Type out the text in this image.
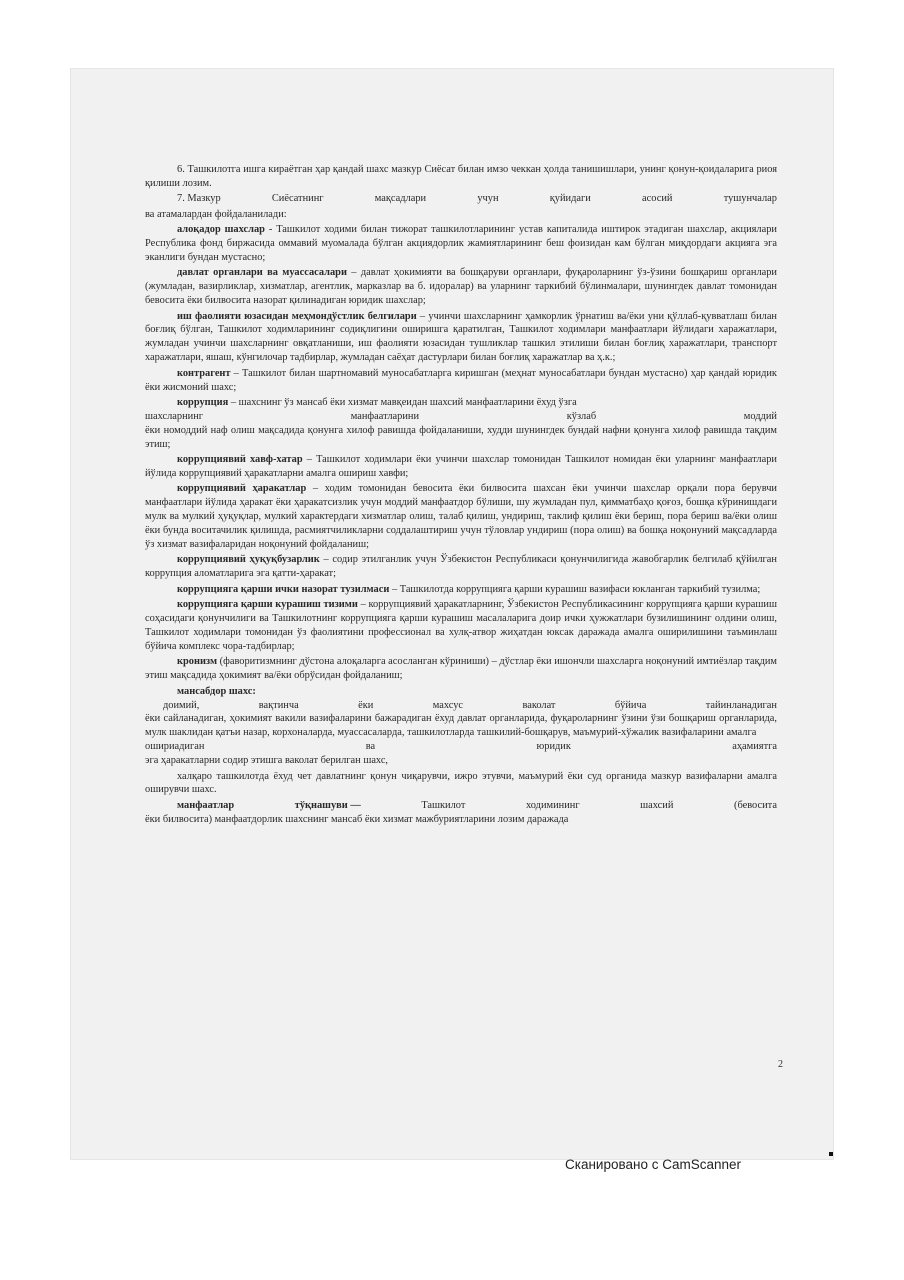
6. Ташкилотга ишга кираётган ҳар қандай шахс мазкур Сиёсат билан имзо чеккан ҳолда танишишлари, унинг қонун-қоидаларига риоя қилиши лозим.

7. Мазкур	Сиёсатнинг	мақсадлари	учун	қуйидаги	асосий	тушунчалар

ва атамалардан фойдаланилади:

алоқадор шахслар - Ташкилот ходими билан тижорат ташкилотларининг устав капиталида иштирок этадиган шахслар, акциялари Республика фонд биржасида оммавий муомалада бўлган акциядорлик жамиятларининг беш фоизидан кам бўлган миқдордаги акцияга эга эканлиги бундан мустасно;

давлат органлари ва муассасалари – давлат ҳокимияти ва бошқаруви органлари, фуқароларнинг ўз-ўзини бошқариш органлари (жумладан, вазирликлар, хизматлар, агентлик, марказлар ва б. идоралар) ва уларнинг таркибий бўлинмалари, шунингдек давлат томонидан бевосита ёки билвосита назорат қилинадиган юридик шахслар;

иш фаолияти юзасидан меҳмондўстлик белгилари – учинчи шахсларнинг ҳамкорлик ўрнатиш ва/ёки уни қўллаб-қувватлаш билан боғлиқ бўлган, Ташкилот ходимларининг содиқлигини оширишга қаратилган, Ташкилот ходимлари манфаатлари йўлидаги харажатлари, жумладан учинчи шахсларнинг овқатланиши, иш фаолияти юзасидан тушликлар ташкил этилиши билан боғлиқ харажатлари, транспорт харажатлари, яшаш, кўнгилочар тадбирлар, жумладан саёҳат дастурлари билан боғлиқ харажатлар ва ҳ.к.;

контрагент – Ташкилот билан шартномавий муносабатларга киришган (меҳнат муносабатлари бундан мустасно) ҳар қандай юридик ёки жисмоний шахс;

коррупция – шахснинг ўз мансаб ёки хизмат мавқеидан шахсий манфаатларини ёхуд ўзга

шахсларнинг	манфаатларини	кўзлаб	моддий

ёки номоддий наф олиш мақсадида қонунга хилоф равишда фойдаланиши, худди шунингдек бундай нафни қонунга хилоф равишда тақдим этиш;

коррупциявий хавф-хатар – Ташкилот ходимлари ёки учинчи шахслар томонидан Ташкилот номидан ёки уларнинг манфаатлари йўлида коррупциявий ҳаракатларни амалга ошириш хавфи;

коррупциявий ҳаракатлар – ходим томонидан бевосита ёки билвосита шахсан ёки учинчи шахслар орқали пора берувчи манфаатлари йўлида ҳаракат ёки ҳаракатсизлик учун моддий манфаатдор бўлиши, шу жумладан пул, қимматбаҳо қоғоз, бошқа кўринишдаги мулк ва мулкий ҳуқуқлар, мулкий характердаги хизматлар олиш, талаб қилиш, ундириш, таклиф қилиш ёки бериш, пора бериш ва/ёки олиш ёки бунда воситачилик қилишда, расмиятчиликларни соддалаштириш учун тўловлар ундириш (пора олиш) ва бошқа ноқонуний мақсадларда ўз хизмат вазифаларидан ноқонуний фойдаланиш;

коррупциявий ҳуқуқбузарлик – содир этилганлик учун Ўзбекистон Республикаси қонунчилигида жавобгарлик белгилаб қўйилган коррупция аломатларига эга қатти-ҳаракат;

коррупцияга қарши ички назорат тузилмаси – Ташкилотда коррупцияга қарши курашиш вазифаси юкланган таркибий тузилма;

коррупцияга қарши курашиш тизими – коррупциявий ҳаракатларнинг, Ўзбекистон Республикасининг коррупцияга қарши курашиш соҳасидаги қонунчилиги ва Ташкилотнинг коррупцияга қарши курашиш масалаларига доир ички ҳужжатлари бузилишининг олдини олиш, Ташкилот ходимлари томонидан ўз фаолиятини профессионал ва хулқ-атвор жиҳатдан юксак даражада амалга оширилишини таъминлаш бўйича комплекс чора-тадбирлар;

кронизм (фаворитизмнинг дўстона алоқаларга асосланган кўриниши) – дўстлар ёки ишончли шахсларга ноқонуний имтиёзлар тақдим этиш мақсадида ҳокимият ва/ёки обрўсидан фойдаланиш;

мансабдор шахс:

доимий,	вақтинча	ёки	махсус	ваколат	бўйича	тайинланадиган

ёки сайланадиган, ҳокимият вакили вазифаларини бажарадиган ёхуд давлат органларида, фуқароларнинг ўзини ўзи бошқариш органларида, мулк шаклидан қатъи назар, корхоналарда, муассасаларда, ташкилотларда ташкилий-бошқарув, маъмурий-хўжалик вазифаларини амалга

ошириадиган	ва	юридик	аҳамиятга

эга ҳаракатларни содир этишга ваколат берилган шахс,

халқаро ташкилотда ёхуд чет давлатнинг қонун чиқарувчи, ижро этувчи, маъмурий ёки суд органида мазкур вазифаларни амалга оширувчи шахс.

манфаатлар	тўқнашуви —	Ташкилот	ходимининг	шахсий	(бевосита

ёки билвосита) манфаатдорлик шахснинг мансаб ёки хизмат мажбуриятларини лозим даражада

2
Сканировано с CamScanner
